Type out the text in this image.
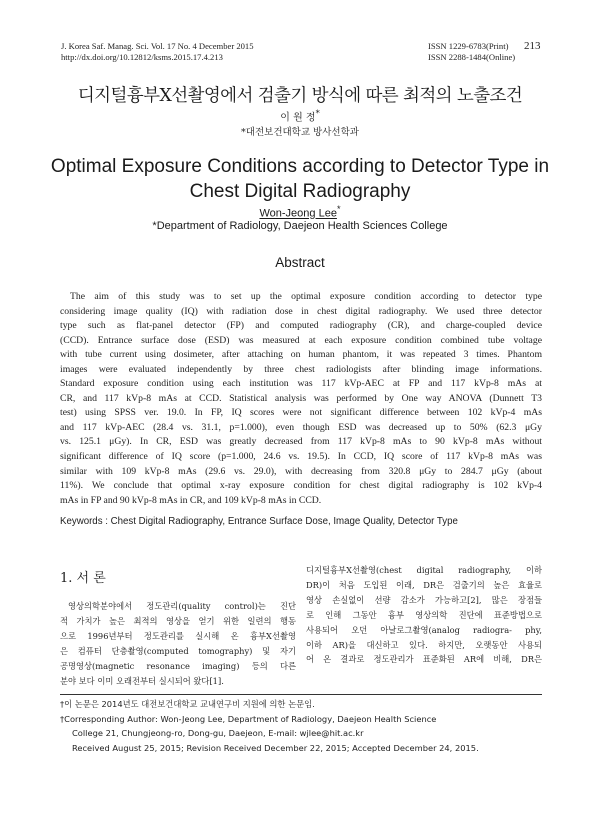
J. Korea Saf. Manag. Sci. Vol. 17 No. 4 December 2015
http://dx.doi.org/10.12812/ksms.2015.17.4.213
ISSN 1229-6783(Print)
ISSN 2288-1484(Online)
213
디지털흉부X선촬영에서 검출기 방식에 따른 최적의 노출조건
이 원 정*
*대전보건대학교 방사선학과
Optimal Exposure Conditions according to Detector Type in
Chest Digital Radiography
Won-Jeong Lee*
*Department of Radiology, Daejeon Health Sciences College
Abstract
The aim of this study was to set up the optimal exposure condition according to detector type
considering image quality (IQ) with radiation dose in chest digital radiography. We used three detector
type such as flat-panel detector (FP) and computed radiography (CR), and charge-coupled device
(CCD). Entrance surface dose (ESD) was measured at each exposure condition combined tube voltage
with tube current using dosimeter, after attaching on human phantom, it was repeated 3 times. Phantom
images were evaluated independently by three chest radiologists after blinding image informations.
Standard exposure condition using each institution was 117 kVp-AEC at FP and 117 kVp-8 mAs at
CR, and 117 kVp-8 mAs at CCD. Statistical analysis was performed by One way ANOVA (Dunnett T3
test) using SPSS ver. 19.0. In FP, IQ scores were not significant difference between 102 kVp-4 mAs
and 117 kVp-AEC (28.4 vs. 31.1, p=1.000), even though ESD was decreased up to 50% (62.3 μGy
vs. 125.1 μGy). In CR, ESD was greatly decreased from 117 kVp-8 mAs to 90 kVp-8 mAs without
significant difference of IQ score (p=1.000, 24.6 vs. 19.5). In CCD, IQ score of 117 kVp-8 mAs was
similar with 109 kVp-8 mAs (29.6 vs. 29.0), with decreasing from 320.8 μGy to 284.7 μGy (about
11%). We conclude that optimal x-ray exposure condition for chest digital radiography is 102 kVp-4
mAs in FP and 90 kVp-8 mAs in CR, and 109 kVp-8 mAs in CCD.
Keywords : Chest Digital Radiography, Entrance Surface Dose, Image Quality, Detector Type
1. 서 론
영상의학분야에서 정도관리(quality control)는 진단
적 가치가 높은 최적의 영상을 얻기 위한 일련의 행동
으로 1996년부터 정도관리를 실시해 온 흉부X선촬영
은 컴퓨터 단층촬영(computed tomography) 및 자기
공명영상(magnetic resonance imaging) 등의 다른
분야 보다 이미 오래전부터 실시되어 왔다[1].
디지털흉부X선촬영(chest digital radiography, 이하
DR)이 처음 도입된 이래, DR은 검출기의 높은 효율로
영상 손실없이 선량 감소가 가능하고[2], 많은 장점들
로 인해 그동안 흉부 영상의학 진단에 표준방법으로
사용되어 오던 아날로그촬영(analog radiogra- phy,
이하 AR)을 대신하고 있다. 하지만, 오랫동안 사용되
어 온 결과로 정도관리가 표준화된 AR에 비해, DR은
†이 논문은 2014년도 대전보건대학교 교내연구비 지원에 의한 논문임.
†Corresponding Author: Won-Jeong Lee, Department of Radiology, Daejeon Health Science
College 21, Chungjeong-ro, Dong-gu, Daejeon, E-mail: wjlee@hit.ac.kr
Received August 25, 2015; Revision Received December 22, 2015; Accepted December 24, 2015.
